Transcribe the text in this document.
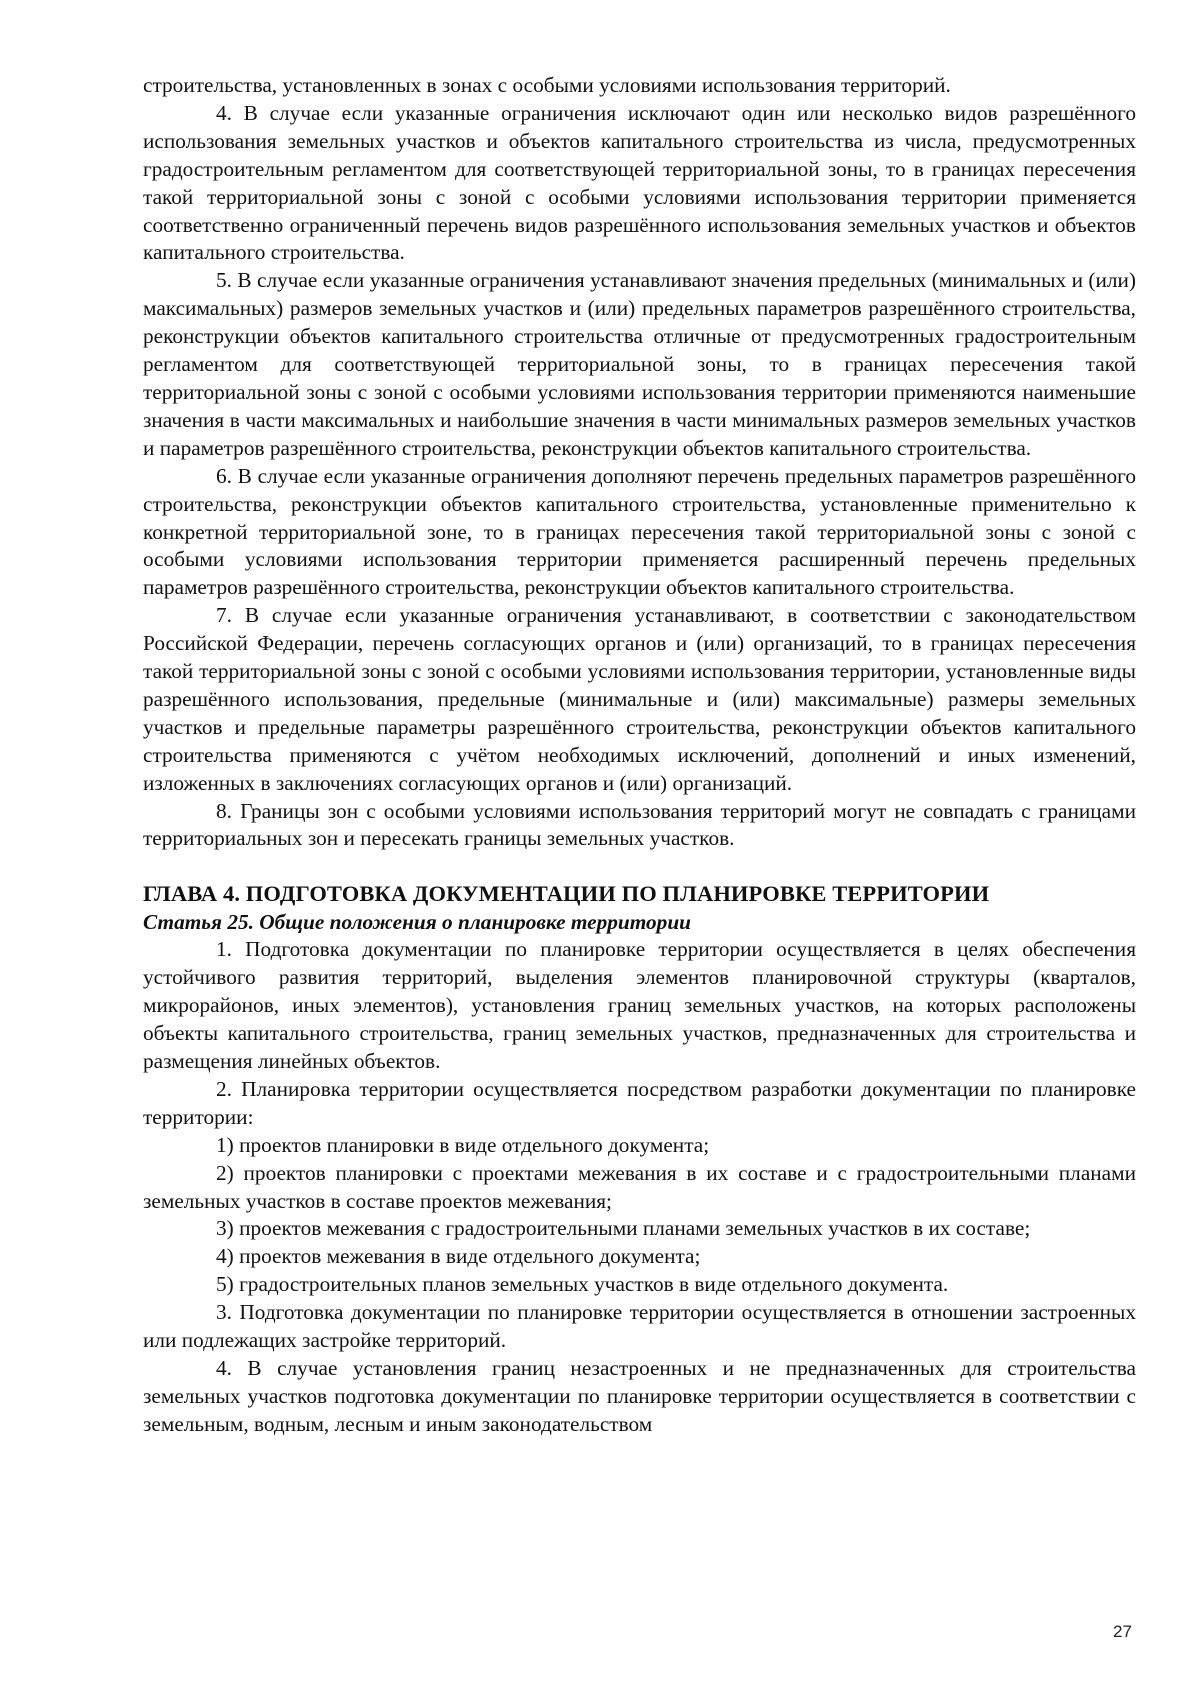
строительства, установленных в зонах с особыми условиями использования территорий.

4. В случае если указанные ограничения исключают один или несколько видов разрешённого использования земельных участков и объектов капитального строительства из числа, предусмотренных градостроительным регламентом для соответствующей территориальной зоны, то в границах пересечения такой территориальной зоны с зоной с особыми условиями использования территории применяется соответственно ограниченный перечень видов разрешённого использования земельных участков и объектов капитального строительства.

5. В случае если указанные ограничения устанавливают значения предельных (минимальных и (или) максимальных) размеров земельных участков и (или) предельных параметров разрешённого строительства, реконструкции объектов капитального строительства отличные от предусмотренных градостроительным регламентом для соответствующей территориальной зоны, то в границах пересечения такой территориальной зоны с зоной с особыми условиями использования территории применяются наименьшие значения в части максимальных и наибольшие значения в части минимальных размеров земельных участков и параметров разрешённого строительства, реконструкции объектов капитального строительства.

6. В случае если указанные ограничения дополняют перечень предельных параметров разрешённого строительства, реконструкции объектов капитального строительства, установленные применительно к конкретной территориальной зоне, то в границах пересечения такой территориальной зоны с зоной с особыми условиями использования территории применяется расширенный перечень предельных параметров разрешённого строительства, реконструкции объектов капитального строительства.

7. В случае если указанные ограничения устанавливают, в соответствии с законодательством Российской Федерации, перечень согласующих органов и (или) организаций, то в границах пересечения такой территориальной зоны с зоной с особыми условиями использования территории, установленные виды разрешённого использования, предельные (минимальные и (или) максимальные) размеры земельных участков и предельные параметры разрешённого строительства, реконструкции объектов капитального строительства применяются с учётом необходимых исключений, дополнений и иных изменений, изложенных в заключениях согласующих органов и (или) организаций.

8. Границы зон с особыми условиями использования территорий могут не совпадать с границами территориальных зон и пересекать границы земельных участков.

ГЛАВА 4. ПОДГОТОВКА ДОКУМЕНТАЦИИ ПО ПЛАНИРОВКЕ ТЕРРИТОРИИ

Статья 25. Общие положения о планировке территории

1. Подготовка документации по планировке территории осуществляется в целях обеспечения устойчивого развития территорий, выделения элементов планировочной структуры (кварталов, микрорайонов, иных элементов), установления границ земельных участков, на которых расположены объекты капитального строительства, границ земельных участков, предназначенных для строительства и размещения линейных объектов.

2. Планировка территории осуществляется посредством разработки документации по планировке территории:

1) проектов планировки в виде отдельного документа;

2) проектов планировки с проектами межевания в их составе и с градостроительными планами земельных участков в составе проектов межевания;

3) проектов межевания с градостроительными планами земельных участков в их составе;

4) проектов межевания в виде отдельного документа;

5) градостроительных планов земельных участков в виде отдельного документа.

3. Подготовка документации по планировке территории осуществляется в отношении застроенных или подлежащих застройке территорий.

4. В случае установления границ незастроенных и не предназначенных для строительства земельных участков подготовка документации по планировке территории осуществляется в соответствии с земельным, водным, лесным и иным законодательством

27
